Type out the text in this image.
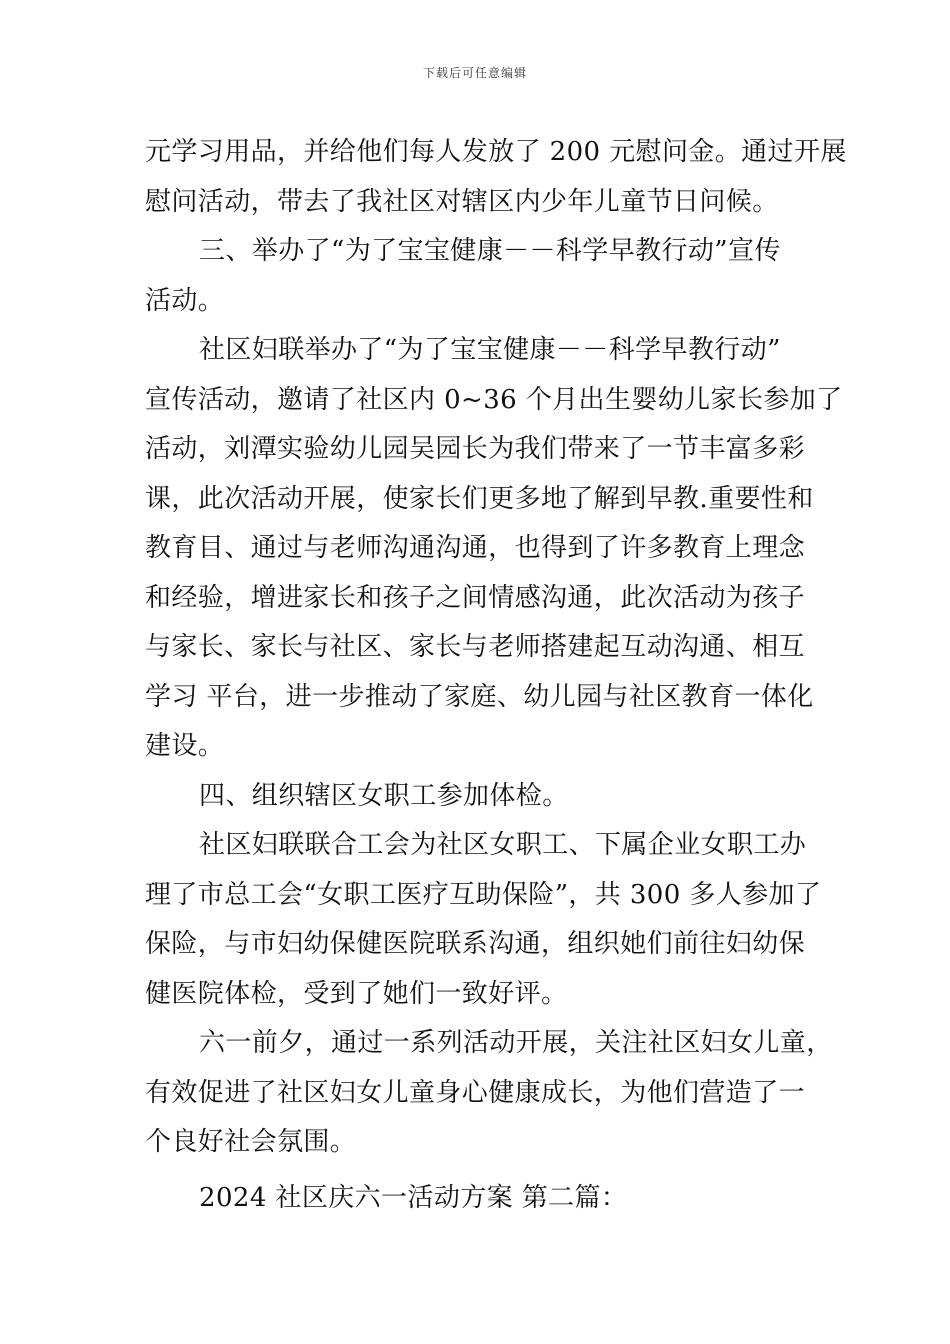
下载后可任意编辑
元学习用品，并给他们每人发放了 200 元慰问金。通过开展
慰问活动，带去了我社区对辖区内少年儿童节日问候。
三、举办了“为了宝宝健康－－科学早教行动”宣传
活动。
社区妇联举办了“为了宝宝健康－－科学早教行动”
宣传活动，邀请了社区内 0~36 个月出生婴幼儿家长参加了
活动，刘潭实验幼儿园吴园长为我们带来了一节丰富多彩
课，此次活动开展，使家长们更多地了解到早教.重要性和
教育目、通过与老师沟通沟通，也得到了许多教育上理念
和经验，增进家长和孩子之间情感沟通，此次活动为孩子
与家长、家长与社区、家长与老师搭建起互动沟通、相互
学习 平台，进一步推动了家庭、幼儿园与社区教育一体化
建设。
四、组织辖区女职工参加体检。
社区妇联联合工会为社区女职工、下属企业女职工办
理了市总工会“女职工医疗互助保险”，共 300 多人参加了
保险，与市妇幼保健医院联系沟通，组织她们前往妇幼保
健医院体检，受到了她们一致好评。
六一前夕，通过一系列活动开展，关注社区妇女儿童，
有效促进了社区妇女儿童身心健康成长，为他们营造了一
个良好社会氛围。
2024 社区庆六一活动方案 第二篇：
